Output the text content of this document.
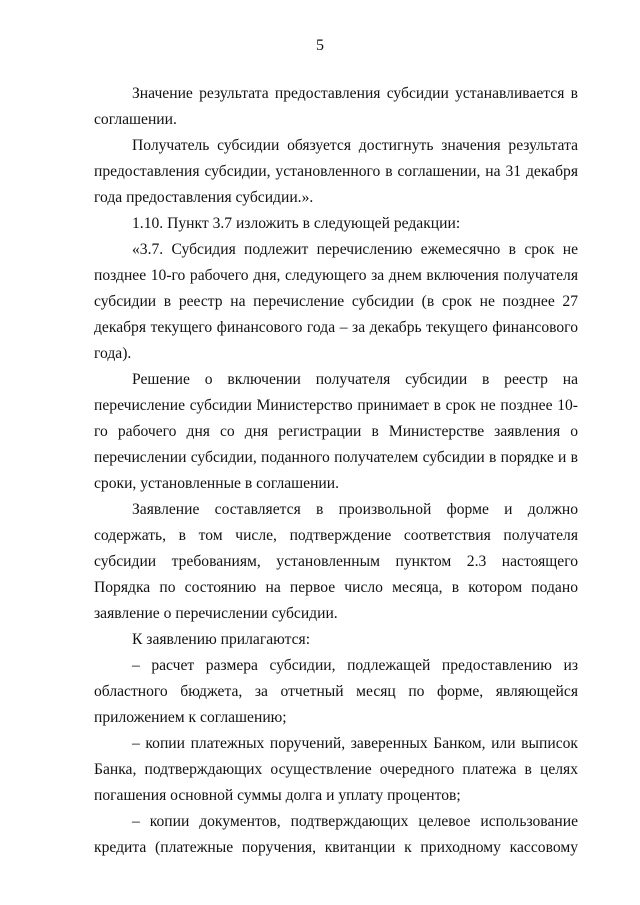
5

Значение результата предоставления субсидии устанавливается в соглашении.

Получатель субсидии обязуется достигнуть значения результата предоставления субсидии, установленного в соглашении, на 31 декабря года предоставления субсидии.».

1.10. Пункт 3.7 изложить в следующей редакции:

«3.7. Субсидия подлежит перечислению ежемесячно в срок не позднее 10-го рабочего дня, следующего за днем включения получателя субсидии в реестр на перечисление субсидии (в срок не позднее 27 декабря текущего финансового года – за декабрь текущего финансового года).

Решение о включении получателя субсидии в реестр на перечисление субсидии Министерство принимает в срок не позднее 10-го рабочего дня со дня регистрации в Министерстве заявления о перечислении субсидии, поданного получателем субсидии в порядке и в сроки, установленные в соглашении.

Заявление составляется в произвольной форме и должно содержать, в том числе, подтверждение соответствия получателя субсидии требованиям, установленным пунктом 2.3 настоящего Порядка по состоянию на первое число месяца, в котором подано заявление о перечислении субсидии.

К заявлению прилагаются:

– расчет размера субсидии, подлежащей предоставлению из областного бюджета, за отчетный месяц по форме, являющейся приложением к соглашению;

– копии платежных поручений, заверенных Банком, или выписок Банка, подтверждающих осуществление очередного платежа в целях погашения основной суммы долга и уплату процентов;

– копии документов, подтверждающих целевое использование кредита (платежные поручения, квитанции к приходному кассовому
